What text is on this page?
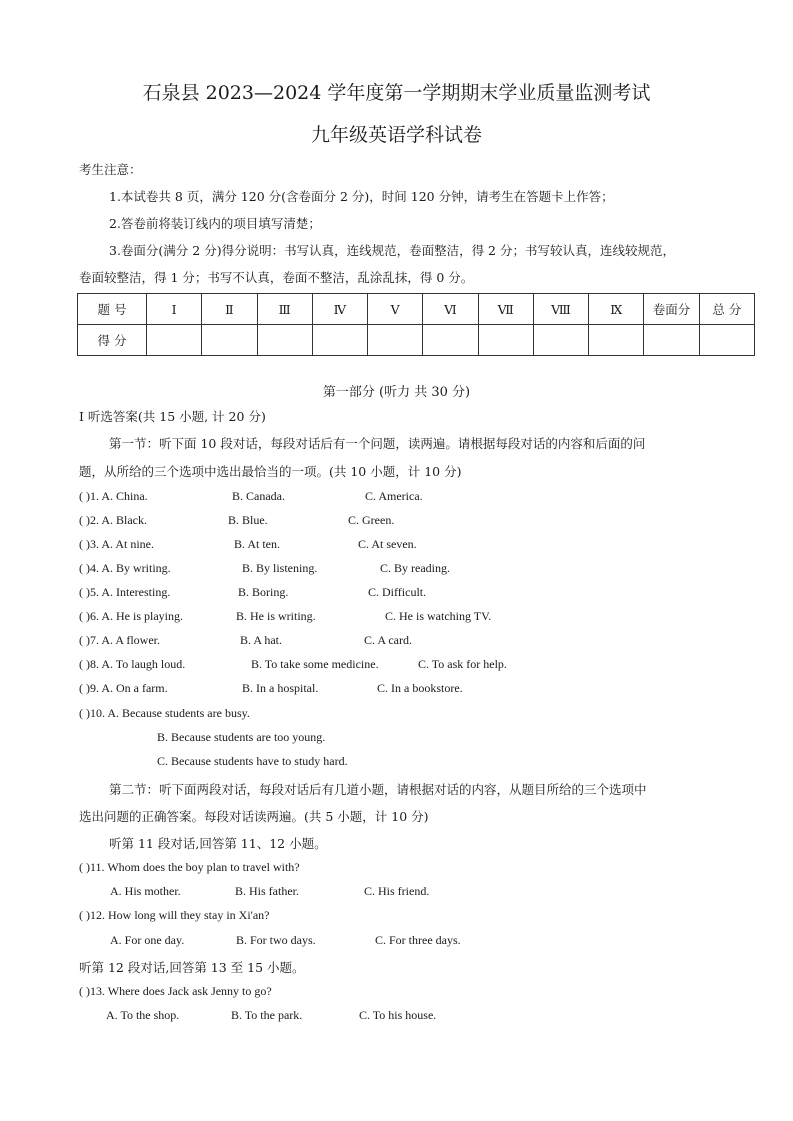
石泉县 2023—2024 学年度第一学期期末学业质量监测考试
九年级英语学科试卷
考生注意：
1.本试卷共 8 页，满分 120 分(含卷面分 2 分)，时间 120 分钟，请考生在答题卡上作答；
2.答卷前将装订线内的项目填写清楚；
3.卷面分(满分 2 分)得分说明：书写认真，连线规范，卷面整洁，得 2 分；书写较认真，连线较规范，
卷面较整洁，得 1 分；书写不认真，卷面不整洁，乱涂乱抹，得 0 分。
题 号	Ⅰ	Ⅱ	Ⅲ	Ⅳ	Ⅴ	Ⅵ	Ⅶ	Ⅷ	Ⅸ	卷面分	总 分
得 分											
第一部分 (听力 共 30 分)
Ⅰ 听选答案(共 15 小题, 计 20 分)
第一节：听下面 10 段对话，每段对话后有一个问题，读两遍。请根据每段对话的内容和后面的问
题，从所给的三个选项中选出最恰当的一项。(共 10 小题，计 10 分)
( )1. A. China.	B. Canada.	C. America.
( )2. A. Black.	B. Blue.	C. Green.
( )3. A. At nine.	B. At ten.	C. At seven.
( )4. A. By writing.	B. By listening.	C. By reading.
( )5. A. Interesting.	B. Boring.	C. Difficult.
( )6. A. He is playing.	B. He is writing.	C. He is watching TV.
( )7. A. A flower.	B. A hat.	C. A card.
( )8. A. To laugh loud.	B. To take some medicine.	C. To ask for help.
( )9. A. On a farm.	B. In a hospital.	C. In a bookstore.
( )10. A. Because students are busy.
B. Because students are too young.
C. Because students have to study hard.
第二节：听下面两段对话，每段对话后有几道小题，请根据对话的内容，从题目所给的三个选项中
选出问题的正确答案。每段对话读两遍。(共 5 小题，计 10 分)
听第 11 段对话,回答第 11、12 小题。
( )11. Whom does the boy plan to travel with?
A. His mother.	B. His father.	C. His friend.
( )12. How long will they stay in Xi'an?
A. For one day.	B. For two days.	C. For three days.
听第 12 段对话,回答第 13 至 15 小题。
( )13. Where does Jack ask Jenny to go?
A. To the shop.	B. To the park.	C. To his house.
